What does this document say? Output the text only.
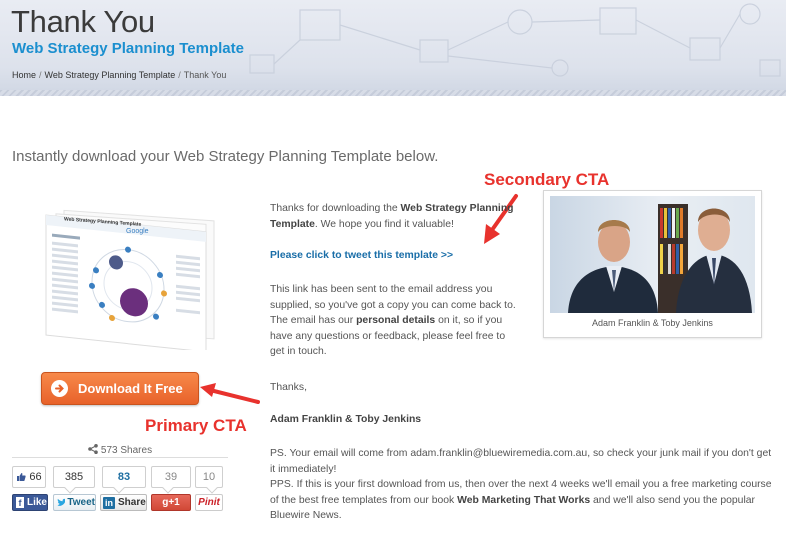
Thank You
Web Strategy Planning Template
Home / Web Strategy Planning Template / Thank You
Instantly download your Web Strategy Planning Template below.
Web Strategy Planning Template
Google
Download It Free
Primary CTA
Secondary CTA
573 Shares
66	385	83	39	10
f Like Tweet in Share	g+1	Pinit

Thanks for downloading the Web Strategy Planning Template. We hope you find it valuable!

Please click to tweet this template >>

This link has been sent to the email address you supplied, so you've got a copy you can come back to. The email has our personal details on it, so if you have any questions or feedback, please feel free to get in touch.

Thanks,

Adam Franklin & Toby Jenkins

PS. Your email will come from adam.franklin@bluewiremedia.com.au, so check your junk mail if you don't get it immediately!

PPS. If this is your first download from us, then over the next 4 weeks we'll email you a free marketing course of the best free templates from our book Web Marketing That Works and we'll also send you the popular Bluewire News.

Adam Franklin & Toby Jenkins
